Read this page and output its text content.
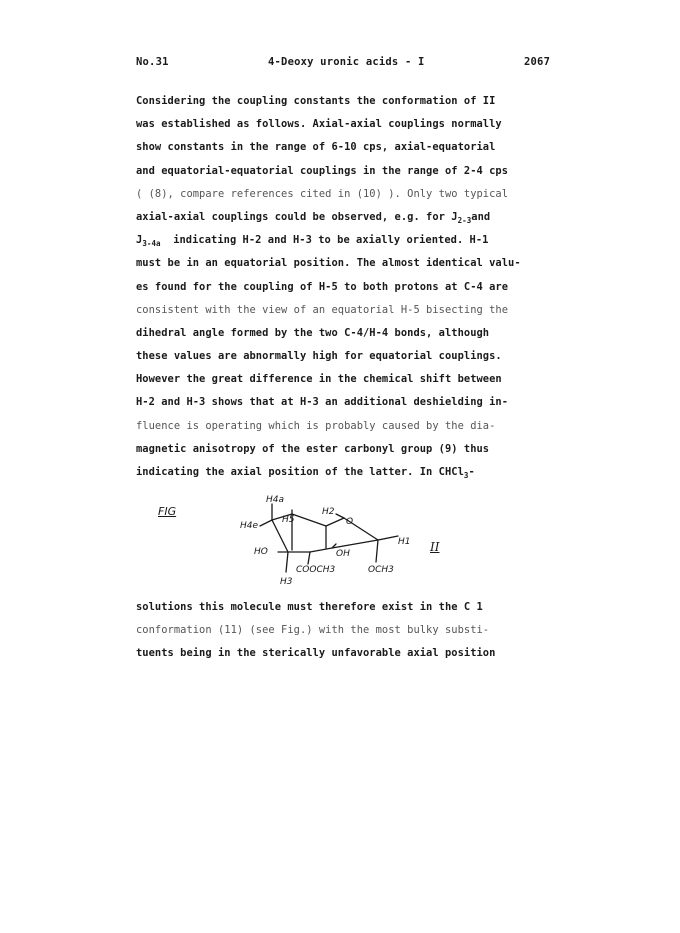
No.31	4-Deoxy uronic acids - I	2067
Considering the coupling constants the conformation of II
was established as follows. Axial-axial couplings normally
show constants in the range of 6-10 cps, axial-equatorial
and equatorial-equatorial couplings in the range of 2-4 cps
( (8), compare references cited in (10) ). Only two typical
axial-axial couplings could be observed, e.g. for $J_{2-3}and$
$J_{3-4a}$  indicating H-2 and H-3 to be axially oriented. H-1
must be in an equatorial position. The almost identical valu-
es found for the coupling of H-5 to both protons at C-4 are
consistent with the view of an equatorial H-5 bisecting the
dihedral angle formed by the two C-4/H-4 bonds, although
these values are abnormally high for equatorial couplings.
However the great difference in the chemical shift between
H-2 and H-3 shows that at H-3 an additional deshielding in-
fluence is operating which is probably caused by the dia-
magnetic anisotropy of the ester carbonyl group (9) thus
indicating the axial position of the latter. In CHCl$_3$-
FIG
II
H4a
H4e
H5
H2
O
H1
HO	OH
COOCH3	OCH3
H3
solutions this molecule must therefore exist in the C 1
conformation (11) (see Fig.) with the most bulky substi-
tuents being in the sterically unfavorable axial position
